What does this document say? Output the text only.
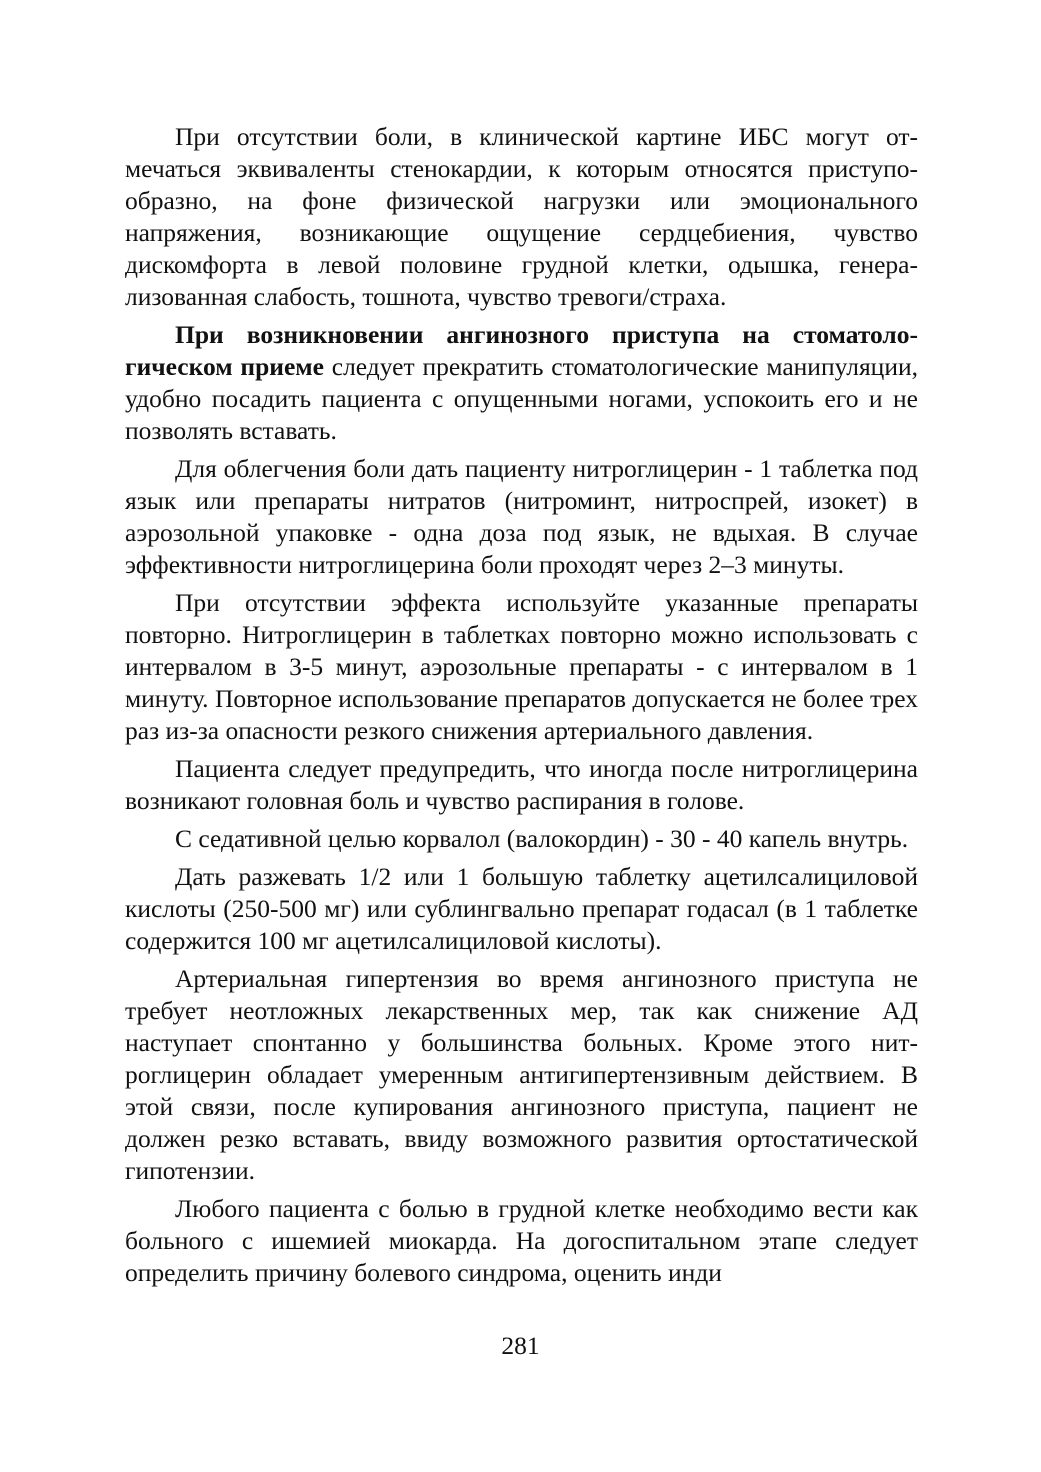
При отсутствии боли, в клинической картине ИБС могут отмечаться эквиваленты стенокардии, к которым относятся приступообразно, на фоне физической нагрузки или эмоционального напряжения, возникающие ощущение сердцебиения, чувство дискомфорта в левой половине грудной клетки, одышка, генерализованная слабость, тошнота, чувство тревоги/страха.

При возникновении ангинозного приступа на стоматологическом приеме следует прекратить стоматологические манипуляции, удобно посадить пациента с опущенными ногами, успокоить его и не позволять вставать.

Для облегчения боли дать пациенту нитроглицерин - 1 таблетка под язык или препараты нитратов (нитроминт, нитроспрей, изокет) в аэрозольной упаковке - одна доза под язык, не вдыхая. В случае эффективности нитроглицерина боли проходят через 2–3 минуты.

При отсутствии эффекта используйте указанные препараты повторно. Нитроглицерин в таблетках повторно можно использовать с интервалом в 3-5 минут, аэрозольные препараты - с интервалом в 1 минуту. Повторное использование препаратов допускается не более трех раз из-за опасности резкого снижения артериального давления.

Пациента следует предупредить, что иногда после нитроглицерина возникают головная боль и чувство распирания в голове.

С седативной целью корвалол (валокордин) - 30 - 40 капель внутрь.

Дать разжевать 1/2 или 1 большую таблетку ацетилсалициловой кислоты (250-500 мг) или сублингвально препарат годасал (в 1 таблетке содержится 100 мг ацетилсалициловой кислоты).

Артериальная гипертензия во время ангинозного приступа не требует неотложных лекарственных мер, так как снижение АД наступает спонтанно у большинства больных. Кроме этого нитроглицерин обладает умеренным антигипертензивным действием. В этой связи, после купирования ангинозного приступа, пациент не должен резко вставать, ввиду возможного развития ортостатической гипотензии.

Любого пациента с болью в грудной клетке необходимо вести как больного с ишемией миокарда. На догоспитальном этапе следует определить причину болевого синдрома, оценить инди

281
